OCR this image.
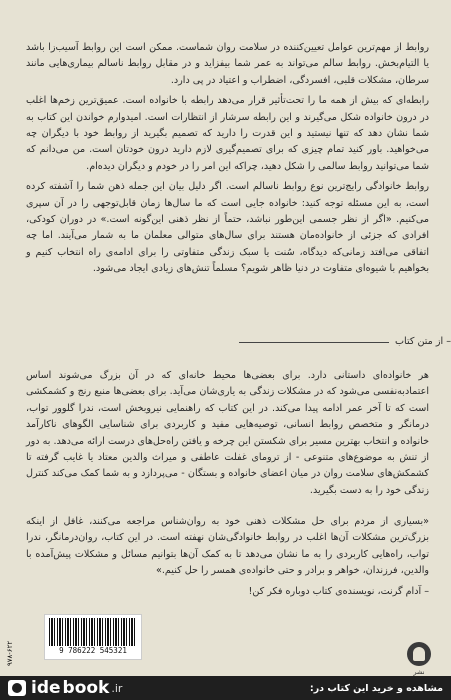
روابط از مهم‌ترین عوامل تعیین‌کننده در سلامت روان شماست. ممکن است این روابط آسیب‌زا باشد یا التیام‌بخش. روابط سالم می‌تواند به عمر شما بیفزاید و در مقابل روابط ناسالم بیماری‌هایی مانند سرطان، مشکلات قلبی، افسردگی، اضطراب و اعتیاد در پی دارد.

رابطه‌ای که بیش از همه ما را تحت‌تأثیر قرار می‌دهد رابطه با خانواده است. عمیق‌ترین زخم‌ها اغلب در درون خانواده شکل می‌گیرند و این رابطه سرشار از انتظارات است. امیدوارم خواندن این کتاب به شما نشان دهد که تنها نیستید و این قدرت را دارید که تصمیم بگیرید از روابط خود با دیگران چه می‌خواهید. باور کنید تمام چیزی که برای تصمیم‌گیری لازم دارید درون خودتان است. من می‌دانم که شما می‌توانید روابط سالمی را شکل دهید، چراکه این امر را در خودم و دیگران دیده‌ام.

روابط خانوادگی رایج‌ترین نوع روابط ناسالم است. اگر دلیل بیان این جمله ذهن شما را آشفته کرده است، به این مسئله توجه کنید: خانواده جایی است که ما سال‌ها زمان قابل‌توجهی را در آن سپری می‌کنیم. «اگر از نظر جسمی این‌طور نباشد، حتماً از نظر ذهنی این‌گونه است.» در دوران کودکی، افرادی که جزئی از خانواده‌مان هستند برای سال‌های متوالی معلمان ما به شمار می‌آیند. اما چه اتفاقی می‌افتد زمانی‌که دیدگاه، سُنت یا سبک زندگی متفاوتی را برای ادامه‌ی راه انتخاب کنیم و بخواهیم با شیوه‌ای متفاوت در دنیا ظاهر شویم؟ مسلماً تنش‌های زیادی ایجاد می‌شود.

– از متن کتاب

هر خانواده‌ای داستانی دارد. برای بعضی‌ها محیط خانه‌ای که در آن بزرگ می‌شوند اساس اعتمادبه‌نفسی می‌شود که در مشکلات زندگی به یاری‌شان می‌آید. برای بعضی‌ها منبع رنج و کشمکشی است که تا آخر عمر ادامه پیدا می‌کند. در این کتاب که راهنمایی نیرو‌بخش است، ندرا گلوور تواب، درمانگر و متخصص روابط انسانی، توصیه‌هایی مفید و کاربردی برای شناسایی الگوهای ناکارآمد خانواده و انتخاب بهترین مسیر برای شکستن این چرخه و یافتن راه‌حل‌های درست ارائه می‌دهد. به دور از تنش به موضوع‌های متنوعی - از ترومای غفلت عاطفی و میراث والدین معتاد یا غایب گرفته تا کشمکش‌های سلامت روان در میان اعضای خانواده و بستگان - می‌پردازد و به شما کمک می‌کند کنترل زندگی خود را به دست بگیرید.

«بسیاری از مردم برای حل مشکلات ذهنی خود به روان‌شناس مراجعه می‌کنند، غافل از اینکه بزرگ‌ترین مشکلات آن‌ها اغلب در روابط خانوادگی‌شان نهفته است. در این کتاب، روان‌درمانگر، ندرا تواب، راه‌هایی کاربردی را به ما نشان می‌دهد تا به کمک آن‌ها بتوانیم مسائل و مشکلات پیش‌آمده با والدین، فرزندان، خواهر و برادر و حتی خانواده‌ی همسر را حل کنیم.»

– آدام گرنت، نویسنده‌ی کتاب دوباره فکر کن!

۹۷۸-۶۲۲	9 786222 545321
نشر
ide book .ir	مشاهده و خرید این کتاب در:
